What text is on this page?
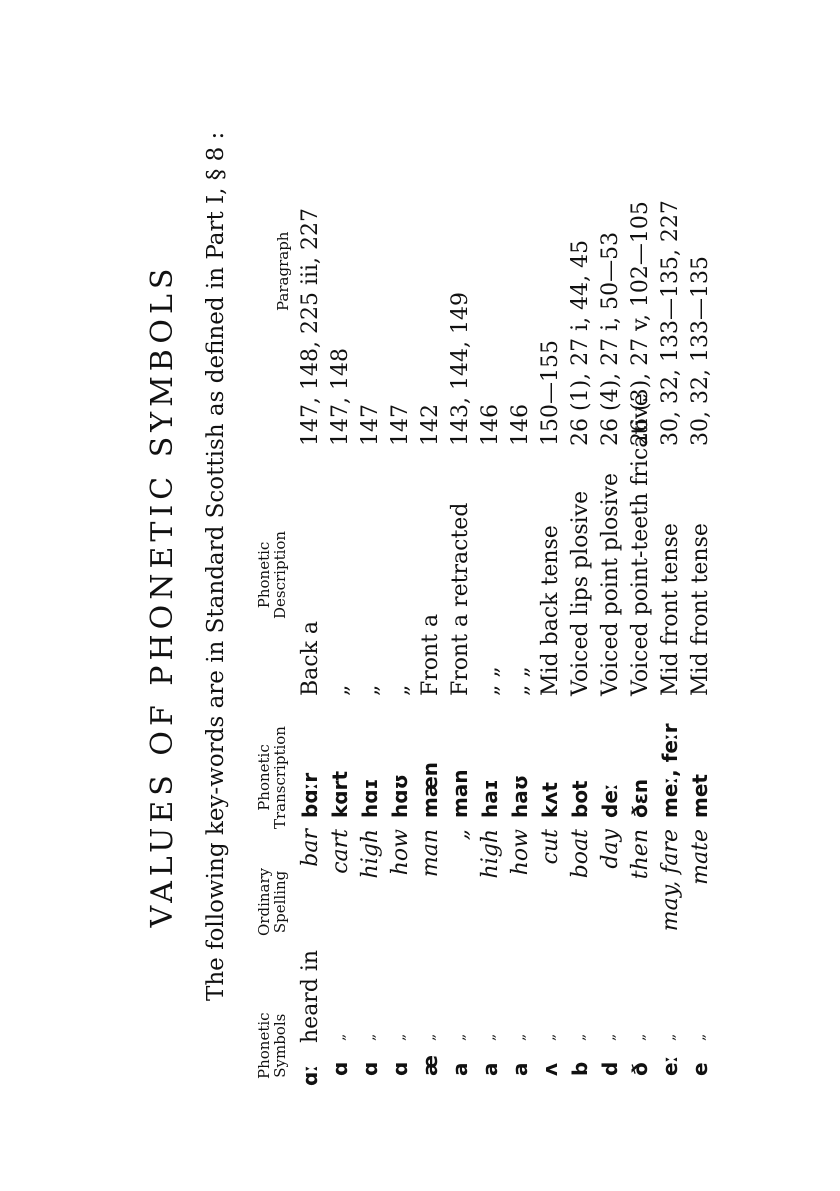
VALUES OF PHONETIC SYMBOLS The following key-words are in Standard Scottish as defined in Part I, § 8 :
Phonetic
Symbols
Ordinary
Spelling
Phonetic
Transcription
Phonetic
Description
Paragraph
ɑː
heard in
bar
bɑːr
Back a
147, 148, 225 iii, 227
ɑ
„
cart
kɑrt
„
147, 148
ɑ
„
high
hɑɪ
„
147
ɑ
„
how
hɑʊ
„
147
æ
„
man
mæn
Front a
142
a
„
„
man
Front a retracted
143, 144, 149
a
„
high
haɪ
„ „
146
a
„
how
haʊ
„ „
146
ʌ
„
cut
kʌt
Mid back tense
150—155
b
„
boat
bot
Voiced lips plosive
26 (1), 27 i, 44, 45
d
„
day
deː
Voiced point plosive
26 (4), 27 i, 50—53
ð
„
then
ðɛn
Voiced point-teeth fricative
26 (3), 27 v, 102—105
eː
„
may, fare
meː, feːr
Mid front tense
30, 32, 133—135, 227
e
„
mate
met
Mid front tense
30, 32, 133—135
